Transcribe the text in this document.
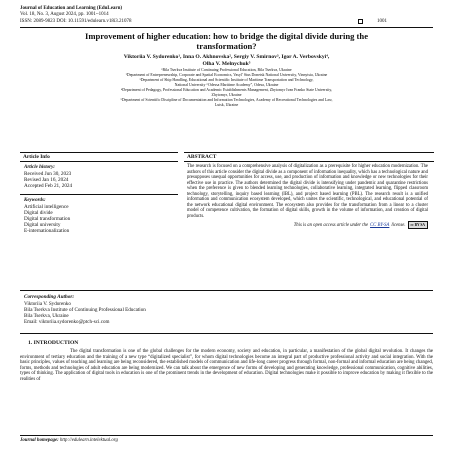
Journal of Education and Learning (EduLearn)
Vol. 18, No. 3, August 2024, pp. 1001~1014
ISSN: 2089-9823 DOI: 10.11591/edulearn.v18i3.21078	1001
Improvement of higher education: how to bridge the digital divide during the transformation?
Viktoriia V. Sydorenko¹, Inna O. Akhnovska², Sergiy V. Smirnov³, Igor A. Verbovskyi⁴,
Olha V. Melnychuk⁵
¹Bila Tserkva Institute of Continuing Professional Education, Bila Tserkva, Ukraine
²Department of Entrepreneurship, Corporate and Spatial Economics, Vasyl’ Stus Donetsk National University, Vinnytsia, Ukraine
³Department of Ship Handling, Educational and Scientific Institute of Maritime Transportation and Technology,
National University “Odessa Maritime Academy”, Odesa, Ukraine
⁴Department of Pedagogy, Professional Education and Academic Establishments Management, Zhytomyr Ivan Franko State University,
Zhytomyr, Ukraine
⁵Department of Scientific Discipline of Documentation and Information Technologies, Academy of Recreational Technologies and Law,
Lutsk, Ukraine
Article Info
Article history:
Received Jun 30, 2023
Revised Jan 16, 2024
Accepted Feb 21, 2024
Keywords:
Artificial intelligence
Digital divide
Digital transformation
Digital university
E-internationalization
ABSTRACT
The research is focused on a comprehensive analysis of digitalization as a prerequisite for higher education modernization. The authors of this article consider the digital divide as a component of information inequality, which has a technological nature and presupposes unequal opportunities for access, use, and production of information and knowledge or new technologies for their effective use in practice. The authors determined the digital divide is intensifying under pandemic and quarantine restrictions when the preference is given to blended learning technologies, collaborative learning, integrated learning, flipped classroom technology, storytelling, inquiry based learning (IBL), and project based learning (PBL). The research result is a unified information and communication ecosystem developed, which unites the scientific, technological, and educational potential of the network educational digital environment. The ecosystem also provides for the transformation from a linear to a cluster model of competence cultivation, the formation of digital skills, growth in the volume of information, and creation of digital products.
This is an open access article under the CC BY-SA license. cc BY SA
Corresponding Author:
Viktoriia V. Sydorenko
Bila Tserkva Institute of Continuing Professional Education
Bila Tserkva, Ukraine
Email: viktoriia.sydorenko@ptch-sci.com
1. INTRODUCTION
The digital transformation is one of the global challenges for the modern economy, society and education, in particular, a manifestation of the global digital revolution. It changes the environment of tertiary education and the training of a new type “digitalized specialist”, for whom digital technologies become an integral part of productive professional activity and social integration. With the basic principles, values of teaching and learning are being reconsidered, the established models of communication and life-long career progress through formal, non-formal and informal education are being changed, forms, methods and technologies of adult education are being modernized. We can talk about the emergence of new forms of developing and generating knowledge, professional communication, cognitive abilities, types of thinking. The application of digital tools in education is one of the prominent trends in the development of education. Digital technologies make it possible to improve education by making it flexible to the realities of
Journal homepage: http://edulearn.intelektual.org
